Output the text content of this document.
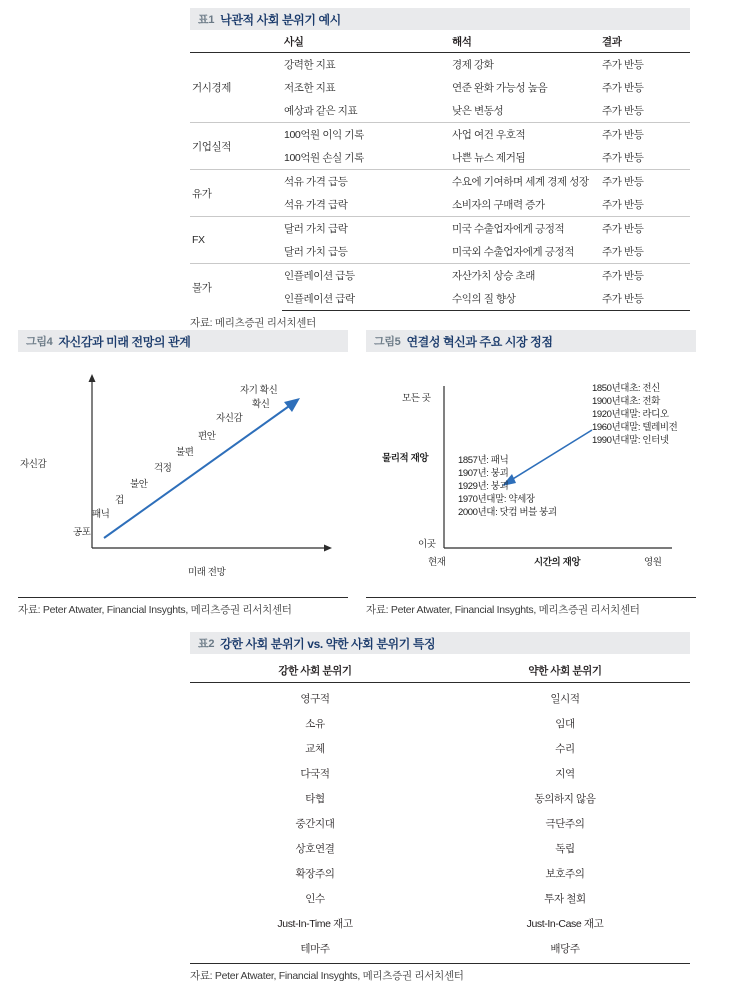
표1 낙관적 사회 분위기 예시
	사실	해석	결과
거시경제	강력한 지표	경제 강화	주가 반등
	저조한 지표	연준 완화 가능성 높음	주가 반등
	예상과 같은 지표	낮은 변동성	주가 반등
기업실적	100억원 이익 기록	사업 여건 우호적	주가 반등
	100억원 손실 기록	나쁜 뉴스 제거됨	주가 반등
유가	석유 가격 급등	수요에 기여하며 세계 경제 성장	주가 반등
	석유 가격 급락	소비자의 구매력 증가	주가 반등
FX	달러 가치 급락	미국 수출업자에게 긍정적	주가 반등
	달러 가치 급등	미국외 수출업자에게 긍정적	주가 반등
물가	인플레이션 급등	자산가치 상승 초래	주가 반등
	인플레이션 급락	수익의 질 향상	주가 반등
자료: 메리츠증권 리서치센터
그림4 자신감과 미래 전망의 관계
자신감
미래 전망
공포
패닉
겁
불안
걱정
불편
편안
자신감
자기 확신
확신
자료: Peter Atwater, Financial Insyghts, 메리츠증권 리서치센터
그림5 연결성 혁신과 주요 시장 정점
모든 곳
이곳
물리적 재앙
현재	시간의 재앙	영원
1850년대초: 전신
1900년대초: 전화
1920년대말: 라디오
1960년대말: 텔레비전
1990년대말: 인터넷
1857년: 패닉
1907년: 붕괴
1929년: 붕괴
1970년대말: 약세장
2000년대: 닷컴 버블 붕괴
자료: Peter Atwater, Financial Insyghts, 메리츠증권 리서치센터
표2 강한 사회 분위기 vs. 약한 사회 분위기 특징

강한 사회 분위기	약한 사회 분위기
영구적	일시적
소유	임대
교체	수리
다국적	지역
타협	동의하지 않음
중간지대	극단주의
상호연결	독립
확장주의	보호주의
인수	투자 철회
Just-In-Time 재고	Just-In-Case 재고
테마주	배당주
자료: Peter Atwater, Financial Insyghts, 메리츠증권 리서치센터
